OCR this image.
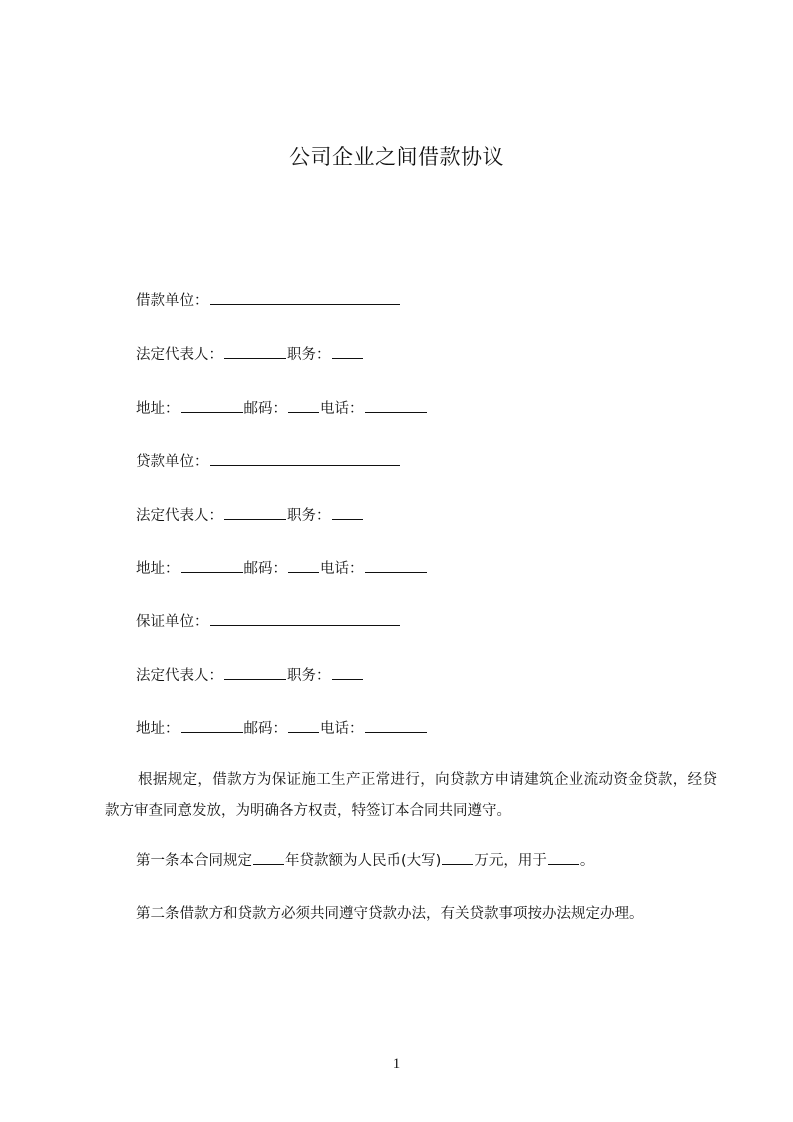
公司企业之间借款协议
借款单位：
法定代表人：	职务：
地址：	邮码： 电话：
贷款单位：
法定代表人：	职务：
地址：	邮码： 电话：
保证单位：
法定代表人：	职务：
地址：	邮码： 电话：
根据规定，借款方为保证施工生产正常进行，向贷款方申请建筑企业流动资金贷款，经贷款方审查同意发放，为明确各方权责，特签订本合同共同遵守。
第一条本合同规定 年贷款额为人民币(大写) 万元，用于 。
第二条借款方和贷款方必须共同遵守贷款办法，有关贷款事项按办法规定办理。
1
